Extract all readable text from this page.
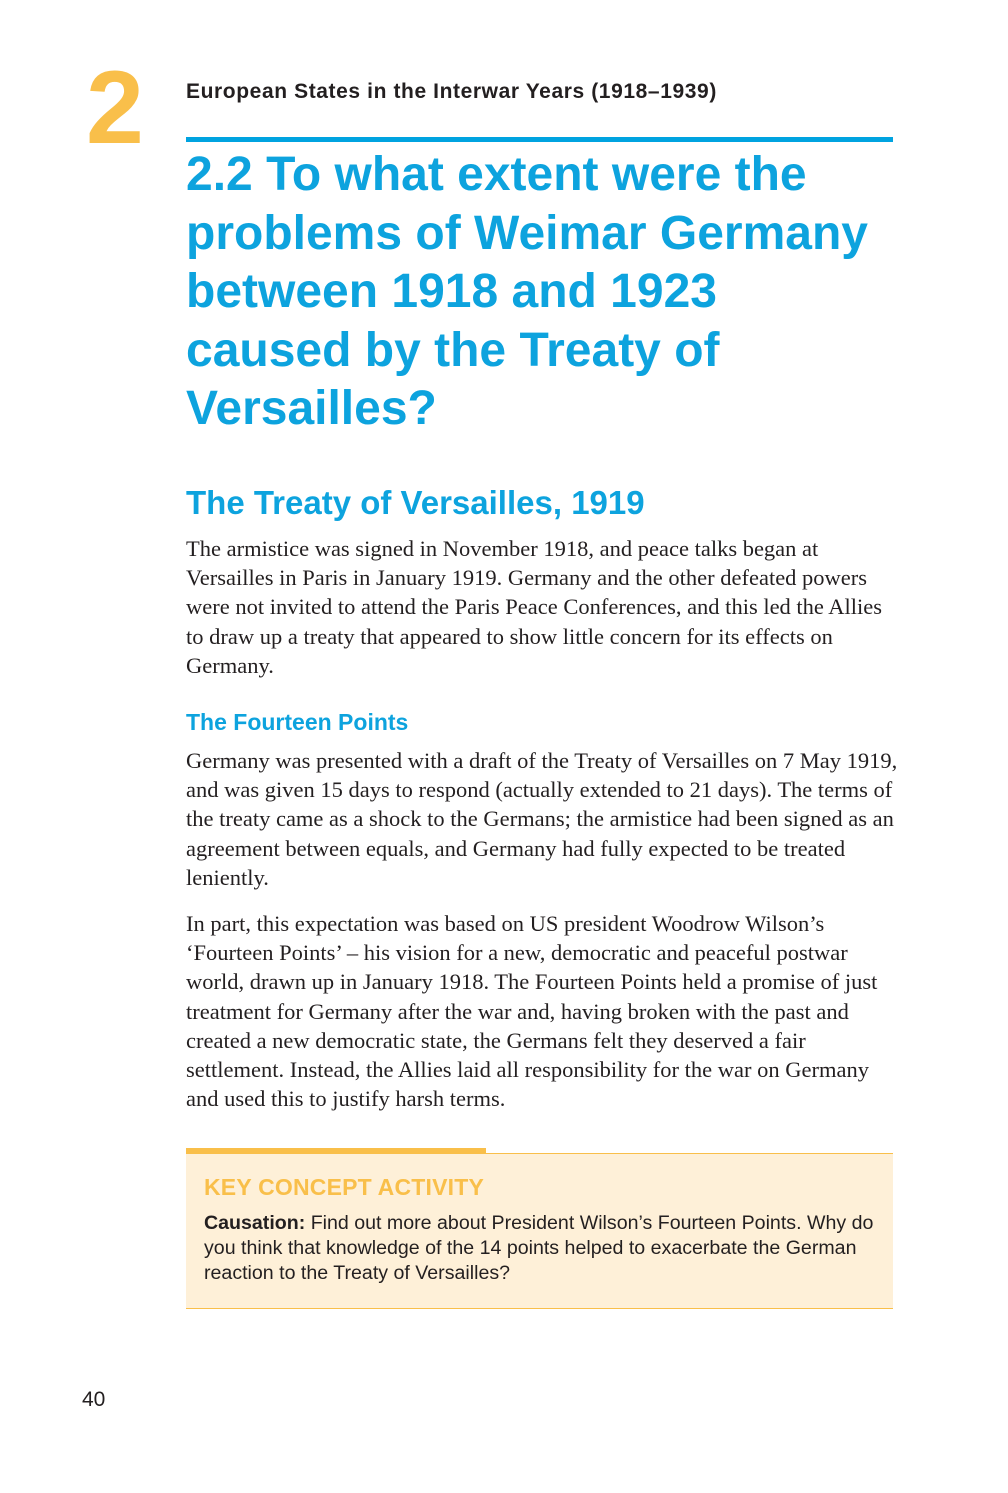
2 European States in the Interwar Years (1918–1939)
2.2 To what extent were the problems of Weimar Germany between 1918 and 1923 caused by the Treaty of Versailles?
The Treaty of Versailles, 1919

The armistice was signed in November 1918, and peace talks began at Versailles in Paris in January 1919. Germany and the other defeated powers were not invited to attend the Paris Peace Conferences, and this led the Allies to draw up a treaty that appeared to show little concern for its effects on Germany.

The Fourteen Points

Germany was presented with a draft of the Treaty of Versailles on 7 May 1919, and was given 15 days to respond (actually extended to 21 days). The terms of the treaty came as a shock to the Germans; the armistice had been signed as an agreement between equals, and Germany had fully expected to be treated leniently.

In part, this expectation was based on US president Woodrow Wilson’s ‘Fourteen Points’ – his vision for a new, democratic and peaceful postwar world, drawn up in January 1918. The Fourteen Points held a promise of just treatment for Germany after the war and, having broken with the past and created a new democratic state, the Germans felt they deserved a fair settlement. Instead, the Allies laid all responsibility for the war on Germany and used this to justify harsh terms.

KEY CONCEPT ACTIVITY

Causation: Find out more about President Wilson’s Fourteen Points. Why do you think that knowledge of the 14 points helped to exacerbate the German reaction to the Treaty of Versailles?

40
